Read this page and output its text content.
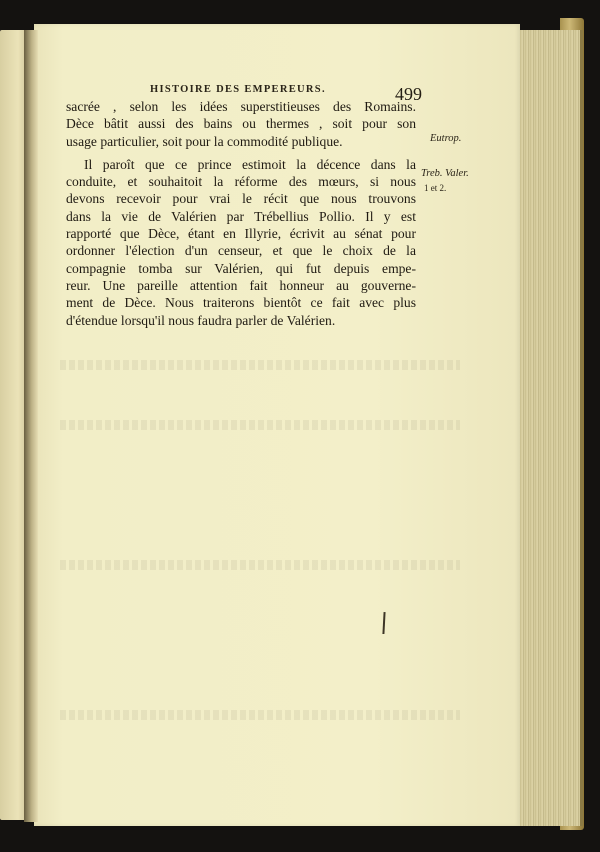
HISTOIRE DES EMPEREURS.	499
sacrée , selon les idées superstitieuses des Romains.
Dèce bâtit aussi des bains ou thermes , soit pour son
usage particulier, soit pour la commodité publique.
Il paroît que ce prince estimoit la décence dans la
conduite, et souhaitoit la réforme des mœurs, si nous
devons recevoir pour vrai le récit que nous trouvons
dans la vie de Valérien par Trébellius Pollio. Il y est
rapporté que Dèce, étant en Illyrie, écrivit au sénat pour
ordonner l'élection d'un censeur, et que le choix de la
compagnie tomba sur Valérien, qui fut depuis empe-
reur. Une pareille attention fait honneur au gouverne-
ment de Dèce. Nous traiterons bientôt ce fait avec plus
d'étendue lorsqu'il nous faudra parler de Valérien.
Eutrop.
Treb. Valer.
1 et 2.
